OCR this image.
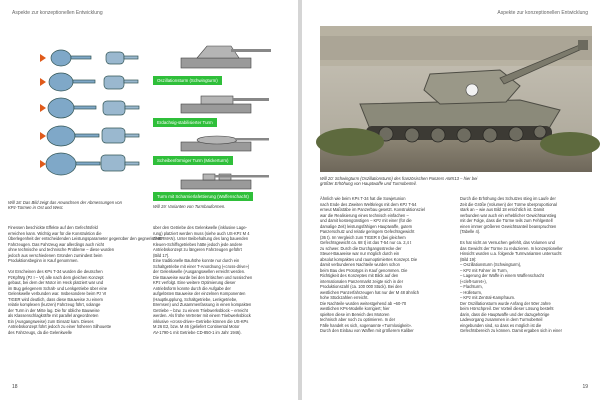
Aspekte zur konzeptionellen Entwicklung
Will 18: Das Bild zeigt das Anwachsen der Abmessungen von KPz-Türmen in Ost und West.
Oszillationsturm (Schwingturm)
Erdachsig-stabilisierter Turm
Scheibenförmiger Turm (Mickerturm)
Turm mit Scharnierlafettierung (Waffenschacht)
Will 19: Varianten von Turmbauformen.
Finessen beschickte Effekte auf den Gefechtsfeld
erreichen kann. Wichtig war für die Konstruktion die
Überlegenheit der entscheidenden Leistungsparameter gegenüber den gegnerischen
Fahrzeugen. Das Fahrzeug war allerdings auch nicht
ohne technische und technische Probleme – diese wurden
jedoch aus verschiedenen Gründen zumindest beim
Produktionsbeginn in Kauf genommen.

Vor Erscheinen des KPs T-34 wurden die deutschen
PzKpfWg (Pz I – VI) alle nach dem gleichen Konzept
gebaut, bei dem der Motor im Heck platziert war und
im Bug gelegenem Schalt- und Lenkgetriebe über eine
Gelenkwelle verbunden war. Insbesondere beim Pz VI
TIGER wird deutlich, dass diese Bauweise zu einem
relativ komplexen (kurzen) Fahrzeug führt, solange
der Turm in der Mitte lag. Die für übliche Bauweise
als Klassenschlagkräfte mit parallel angeordneten
Ein (Ausgangsweise) zum Einsatz kam. Dieses
Antriebskonzept führt jedoch zu einer höheren Silhouette
des Fahrzeugs, da die Gelenkwelle
über den Getriebe des Gelenkwelle (inklusive Lage-
rung) platziert werden muss (siehe auch US-KPz M 4
SHERMAN). Unter Beibehaltung des lang bauenden
Kleuen-Schiffsgetriebes hätte jedoch jede andere
Antriebskonzept zu längeren Fahrzeugen geführt
(Bild 17).
Eine traditionelle Bauhöhe konnte nur durch ein
Schaltgetriebe mit einer T-Anordnung («cross-drive»)
der Gelenkwelle (Ausgangswellen erreicht werden.
Die Bauweise wurde bei den britischen und russischen
KPz verfolgt. Eine weitere Optimierung dieser
Antriebsform konnte durch die Aufgabe der
aufgelösten Bauweise der einzelnen Komponenten
(Hauptkupplung, Schaltgetriebe, Lenkgetriebe,
Bremsen) und Zusammenfassung in einen kompakten
Getriebe – bzw. zu einem Triebwerksblock – erreicht
werden. Als frühe Vertreter mit einem Triebwerksblock
inklusive «cross-drive»-Getriebe können die US-KPs
M 26 E2, bzw. M 46 (geliefert Continental Motor
AV-1790-1 mit Getriebe CD-850-1 im Jahr 1946).
18
Aspekte zur konzeptionellen Entwicklung
Will 20: Schwingturm (Oszillationsturm) des französischen Panzers AMX13 – hier bei
größter Erhöhung von Hauptwaffe und Turmoberteil.
Ähnlich wie beim KPs T-34 hat die Sowjetunion
nach Ende des Zweiten Weltkriegs mit dem KPz T-54
erneut Maßstäbe im Panzerbau gesetzt. Konstruktionsziel
war die Realisierung eines technisch einfachen –
und damit kostengünstigen – KPz mit einer (für die
damalige Zeit) leistungsfähigen Hauptwaffe, gutem
Panzerschutz und relativ geringem Gefechtsgewicht
(36 t). Im Vergleich zum TIGER II (bei gleichem
Gefechtsgewicht ca. 68 t) ist das T-54 nur ca. 2,4 t
zu schwer. Durch die Durchgangsstrecke der
Steuer-Bauweise war nur möglich durch ein
absolut kompaktes und raumoptimiertes Konzept. Die
damit verbundenen Nachteile wurden schon
beim Bau des Prototyps in Kauf genommen. Die
Richtigkeit des Konzeptes mit Blick auf den
internationalen Panzermarkt zeigte sich in der
Produktionszahl (ca. 100 000 Stück). Bei den
westlichen Panzerfahrzeugen hat nur der M 48 ähnlich
hohe Stückzahlen erreicht.
Die Nachteile wurden weitestgehend ab ~60-70
westlichen KPs-Modelle korrigiert; hier
spielten diese im Bereich des Motoren
technisch aber noch zu optimieren. In der
Fälle handelt es sich, sogenannte «Turmlosigkeit».
Durch den Einbau von Waffen mit größerem Kaliber
Durch die Erhöhung des Schutzes stieg im Laufe der
Zeit die Größe (Volumen) der Türme überproportional
stark an – wie aus Bild 18 ersichtlich ist. Damit
verbunden war auch ein erheblicher Gewichtsanstieg
mit der Folge, dass die Türme teils zum Fehlgestell
einen immer größeren Gewichtsanteil beanspruchten
(Tabelle 4).

Es hat nicht an Versuchen gefehlt, das Volumen und
das Gewicht der Türme zu reduzieren. In konzeptioneller
Hinsicht wurden u.a. folgende Turmvarianten untersucht
(Bild 19):
– Oszillationsturm (Schwingturm),
– KPz mit Fahrer im Turm,
– Lagerung der Waffe in einem Waffenschacht
(«cleft-turret»),
– Flachturm,
– Hülleturm,
– KPz mit Zentral-Kampfraum.
Der Oszillationsturm wurde Anfang der 50er Jahre
beim Hörschpreil. Der Vorteil dieser Lösung besteht
darin, dass die Hauptwaffe und der dazugehörige
Ladevorgang zusammen in dem Turmoberteil
eingebunden sind, so dass es möglich ist die
Gefechtsbereich zu können. Damit ergaben sich in einer
19
